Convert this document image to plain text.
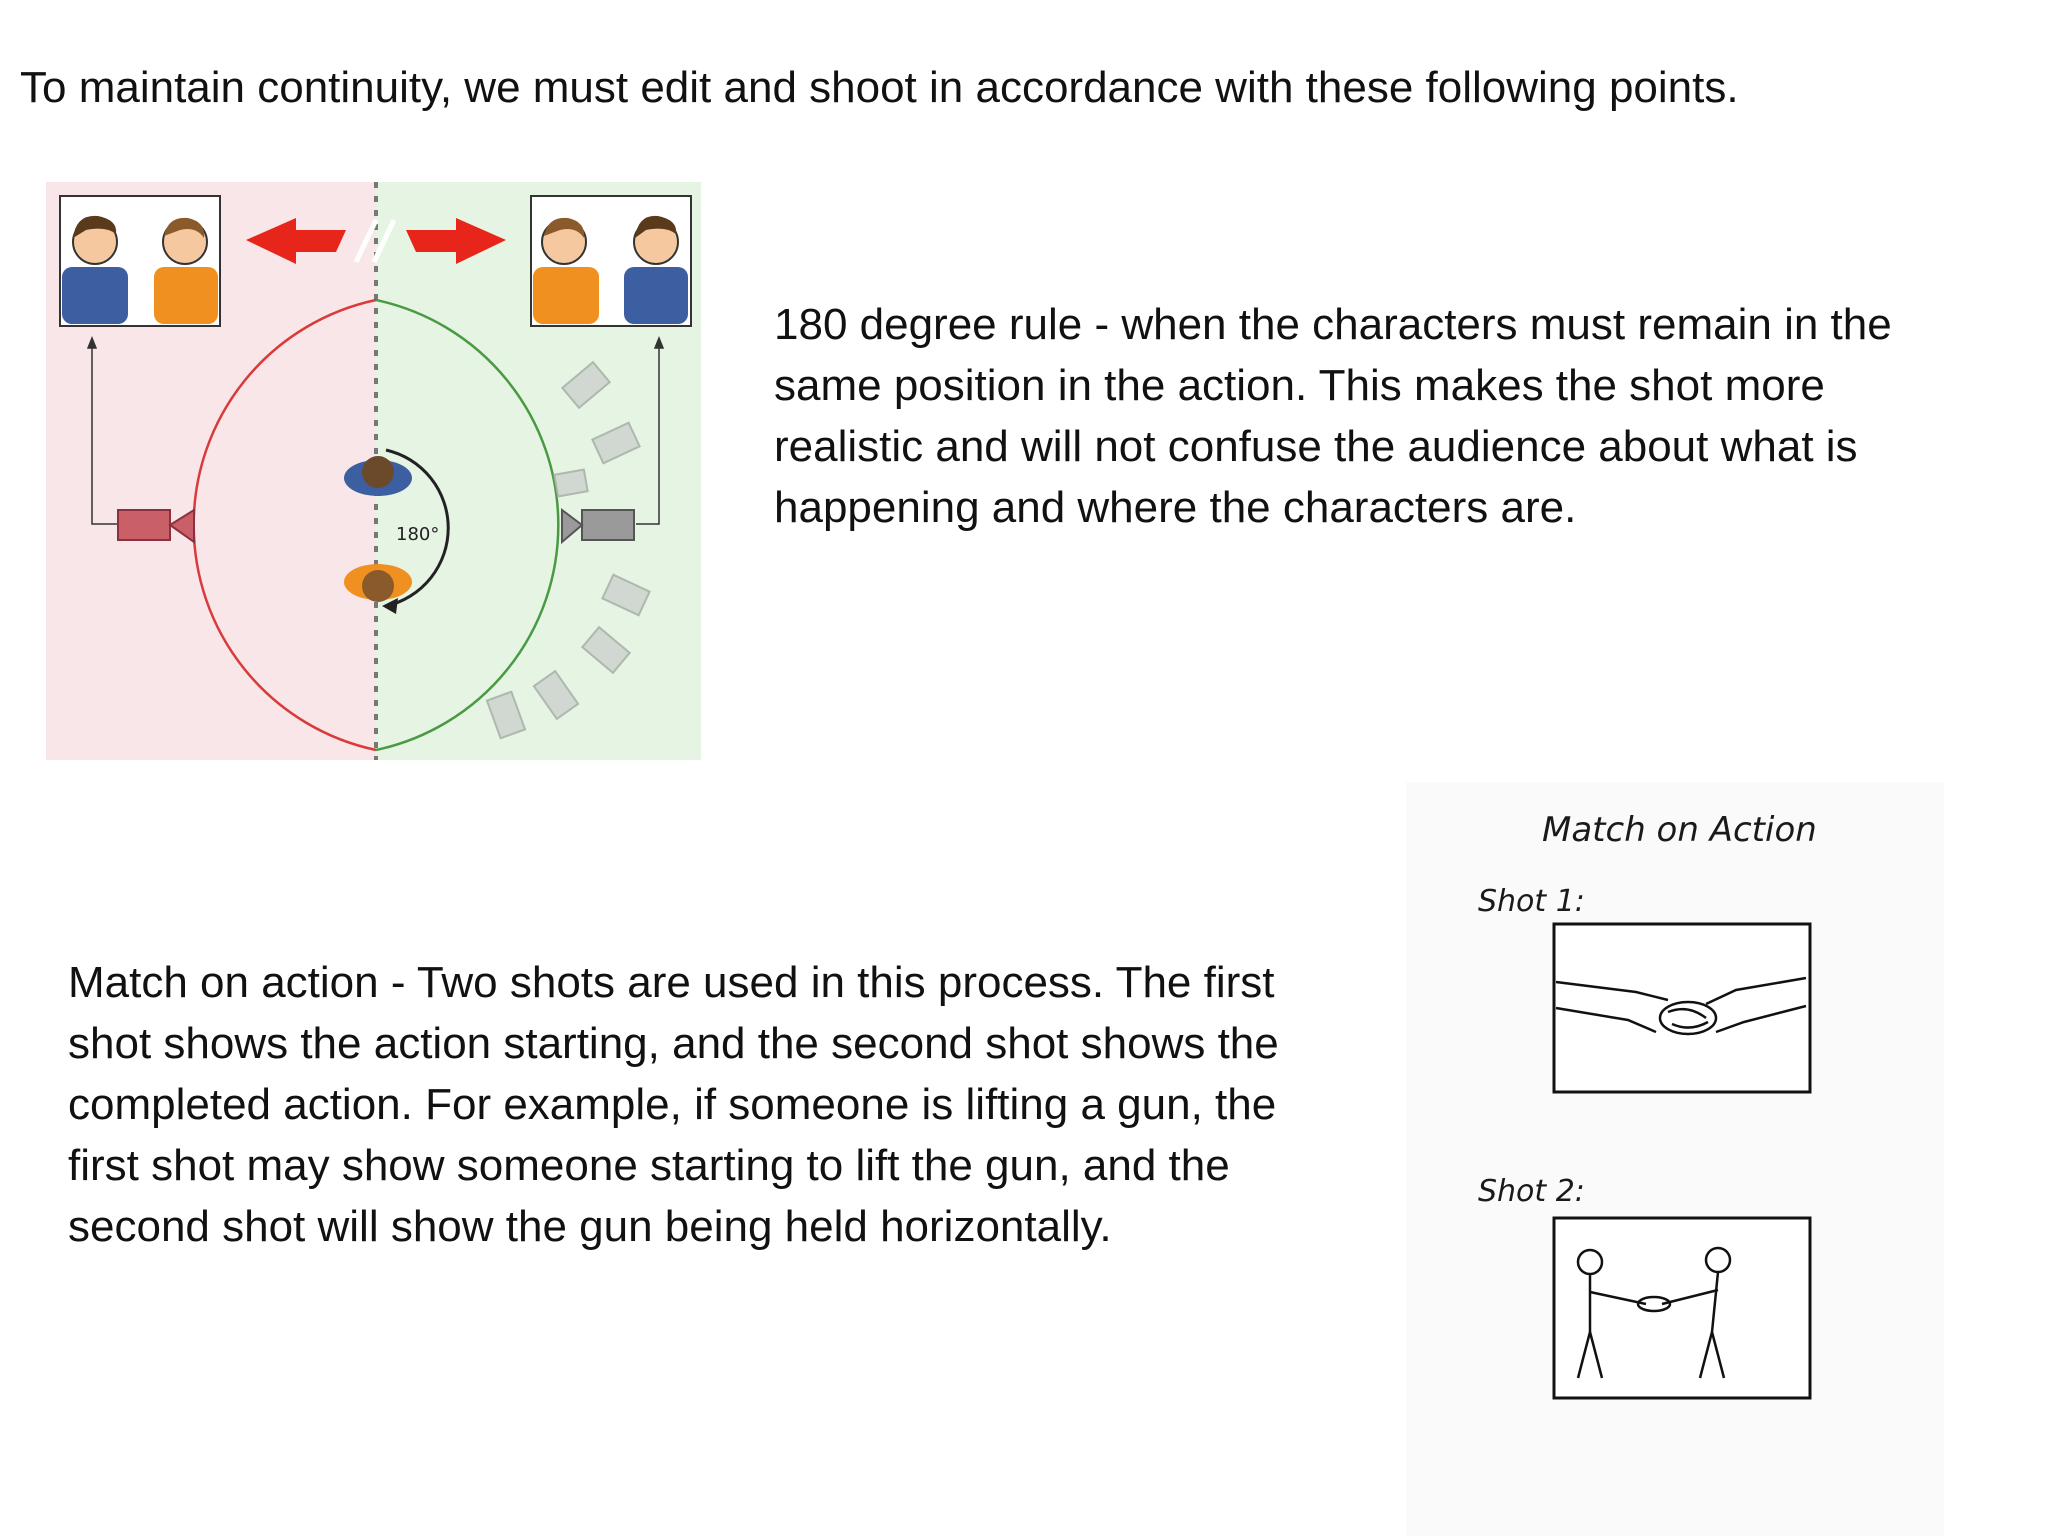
To maintain continuity, we must edit and shoot in accordance with these following points.
180°
180 degree rule - when the characters must remain in the same position in the action. This makes the shot more realistic and will not confuse the audience about what is happening and where the characters are.
Match on action - Two shots are used in this process. The first shot shows the action starting, and the second shot shows the completed action. For example, if someone is lifting a gun, the first shot may show someone starting to lift the gun, and the second shot will show the gun being held horizontally.
Match on Action
Shot 1:
Shot 2:
